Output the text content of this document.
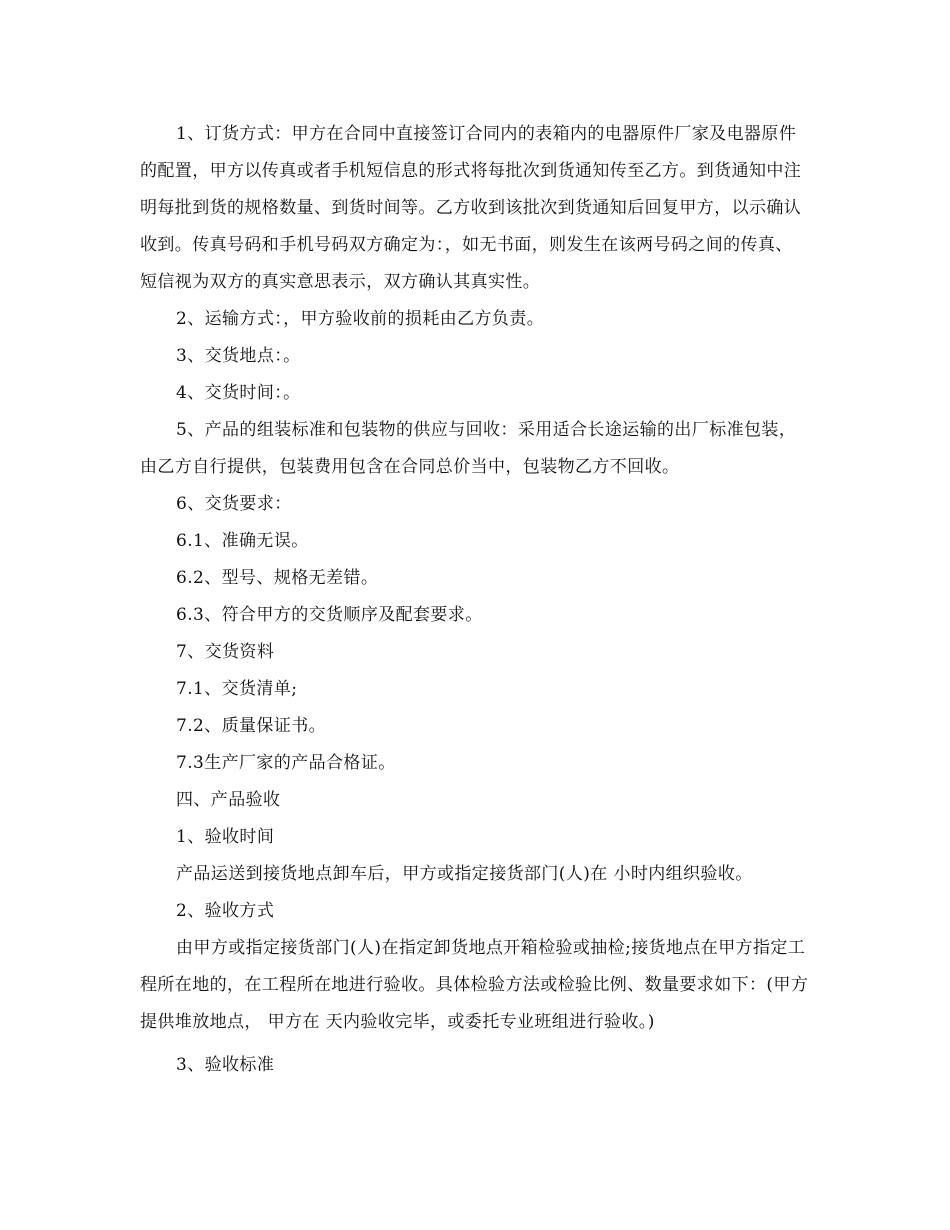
1、订货方式：甲方在合同中直接签订合同内的表箱内的电器原件厂家及电器原件的配置，甲方以传真或者手机短信息的形式将每批次到货通知传至乙方。到货通知中注明每批到货的规格数量、到货时间等。乙方收到该批次到货通知后回复甲方，以示确认收到。传真号码和手机号码双方确定为：，如无书面，则发生在该两号码之间的传真、短信视为双方的真实意思表示，双方确认其真实性。

2、运输方式：，甲方验收前的损耗由乙方负责。

3、交货地点：。

4、交货时间：。

5、产品的组装标准和包装物的供应与回收：采用适合长途运输的出厂标准包装，由乙方自行提供，包装费用包含在合同总价当中，包装物乙方不回收。

6、交货要求：

6.1、准确无误。

6.2、型号、规格无差错。

6.3、符合甲方的交货顺序及配套要求。

7、交货资料

7.1、交货清单;

7.2、质量保证书。

7.3生产厂家的产品合格证。

四、产品验收

1、验收时间

产品运送到接货地点卸车后，甲方或指定接货部门(人)在 小时内组织验收。

2、验收方式

由甲方或指定接货部门(人)在指定卸货地点开箱检验或抽检;接货地点在甲方指定工程所在地的，在工程所在地进行验收。具体检验方法或检验比例、数量要求如下：(甲方提供堆放地点， 甲方在 天内验收完毕，或委托专业班组进行验收。)

3、验收标准
